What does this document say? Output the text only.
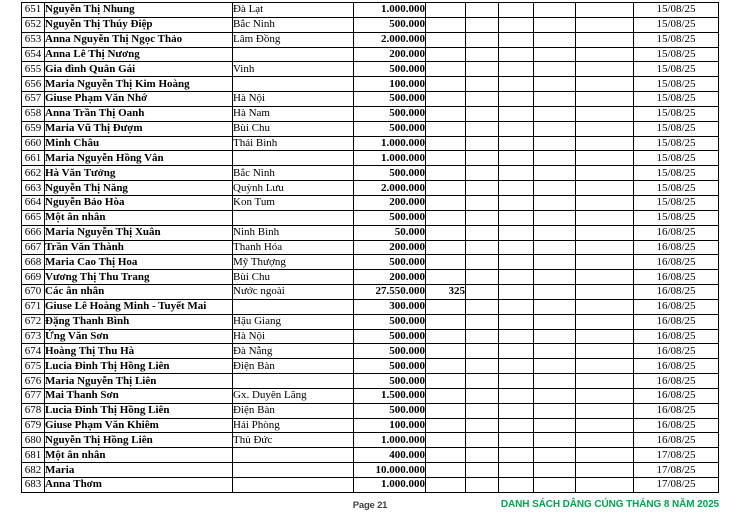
651	Nguyễn Thị Nhung	Đà Lạt	1.000.000						15/08/25
652	Nguyễn Thị Thúy Điệp	Bắc Ninh	500.000						15/08/25
653	Anna Nguyễn Thị Ngọc Thảo	Lâm Đồng	2.000.000						15/08/25
654	Anna Lê Thị Nương		200.000						15/08/25
655	Gia đình Quân Gái	Vinh	500.000						15/08/25
656	Maria Nguyễn Thị Kim Hoàng		100.000						15/08/25
657	Giuse Phạm Văn Nhớ	Hà Nội	500.000						15/08/25
658	Anna Trần Thị Oanh	Hà Nam	500.000						15/08/25
659	Maria Vũ Thị Đượm	Bùi Chu	500.000						15/08/25
660	Minh Châu	Thái Bình	1.000.000						15/08/25
661	Maria Nguyễn Hồng Vân		1.000.000						15/08/25
662	Hà Văn Tưởng	Bắc Ninh	500.000						15/08/25
663	Nguyễn Thị Năng	Quỳnh Lưu	2.000.000						15/08/25
664	Nguyễn Bảo Hòa	Kon Tum	200.000						15/08/25
665	Một ân nhân		500.000						15/08/25
666	Maria Nguyễn Thị Xuân	Ninh Bình	50.000						16/08/25
667	Trần Văn Thành	Thanh Hóa	200.000						16/08/25
668	Maria Cao Thị Hoa	Mỹ Thượng	500.000						16/08/25
669	Vương Thị Thu Trang	Bùi Chu	200.000						16/08/25
670	Các ân nhân	Nước ngoài	27.550.000	325					16/08/25
671	Giuse Lê Hoàng Minh - Tuyết Mai		300.000						16/08/25
672	Đặng Thanh Bình	Hậu Giang	500.000						16/08/25
673	Ứng Văn Sơn	Hà Nội	500.000						16/08/25
674	Hoàng Thị Thu Hà	Đà Nẵng	500.000						16/08/25
675	Lucia Đinh Thị Hồng Liên	Điện Bàn	500.000						16/08/25
676	Maria Nguyễn Thị Liên		500.000						16/08/25
677	Mai Thanh Sơn	Gx. Duyên Lãng	1.500.000						16/08/25
678	Lucia Đinh Thị Hồng Liên	Điện Bàn	500.000						16/08/25
679	Giuse Phạm Văn Khiêm	Hải Phòng	100.000						16/08/25
680	Nguyễn Thị Hồng Liên	Thủ Đức	1.000.000						16/08/25
681	Một ân nhân		400.000						17/08/25
682	Maria		10.000.000						17/08/25
683	Anna Thơm		1.000.000						17/08/25
Page 21	DANH SÁCH DÂNG CÚNG THÁNG 8 NĂM 2025
